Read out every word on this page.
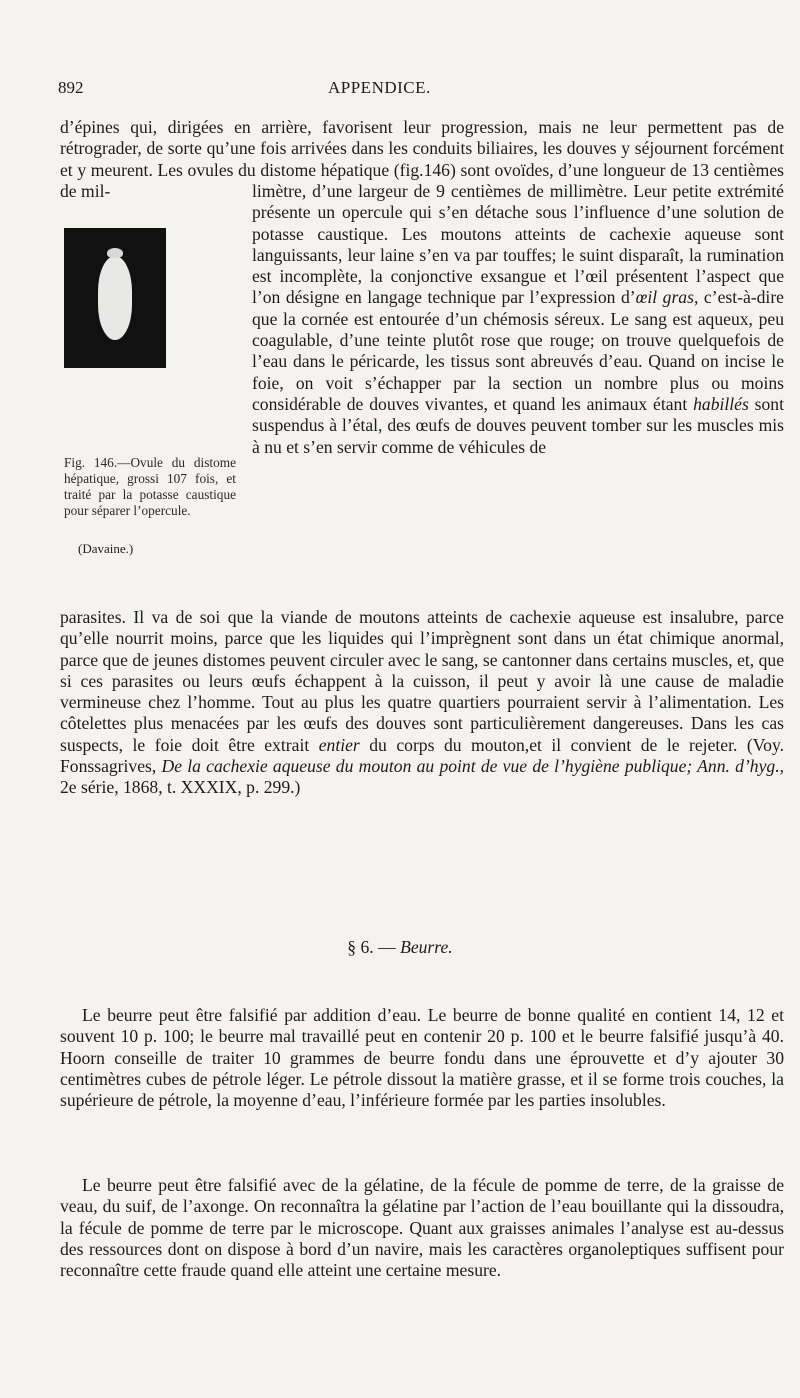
892	APPENDICE.

d’épines qui, dirigées en arrière, favorisent leur progression, mais ne leur permettent pas de rétrograder, de sorte qu’une fois arrivées dans les conduits biliaires, les douves y séjournent forcément et y meurent. Les ovules du distome hépatique (fig.146) sont ovoïdes, d’une longueur de 13 centièmes de mil-	limètre, d’une largeur de 9 centièmes de millimètre. Leur petite extrémité présente un opercule qui s’en détache sous l’influence d’une solution de potasse caustique. Les moutons atteints de cachexie aqueuse sont languissants, leur laine s’en va par touffes; le suint disparaît, la rumination est incomplète, la conjonctive exsangue et l’œil présentent l’aspect que l’on désigne en langage technique par l’expression d’œil gras, c’est-à-dire que la cornée est entourée d’un chémosis séreux. Le sang est aqueux, peu coagulable, d’une teinte plutôt rose que rouge; on trouve quelquefois de l’eau dans le péricarde, les tissus sont abreuvés d’eau. Quand on incise le foie, on voit s’échapper par la section un nombre plus ou moins considérable de douves vivantes, et quand les animaux étant habillés sont suspendus à l’étal, des œufs de douves peuvent tomber sur les muscles mis à nu et s’en servir comme de véhicules de

Fig. 146.—Ovule du distome hépatique, grossi 107 fois, et traité par la potasse caustique pour séparer l’opercule.

(Davaine.)

parasites. Il va de soi que la viande de moutons atteints de cachexie aqueuse est insalubre, parce qu’elle nourrit moins, parce que les liquides qui l’imprègnent sont dans un état chimique anormal, parce que de jeunes distomes peuvent circuler avec le sang, se cantonner dans certains muscles, et, que si ces parasites ou leurs œufs échappent à la cuisson, il peut y avoir là une cause de maladie vermineuse chez l’homme. Tout au plus les quatre quartiers pourraient servir à l’alimentation. Les côtelettes plus menacées par les œufs des douves sont particulièrement dangereuses. Dans les cas suspects, le foie doit être extrait entier du corps du mouton,et il convient de le rejeter. (Voy. Fonssagrives, De la cachexie aqueuse du mouton au point de vue de l’hygiène publique; Ann. d’hyg., 2e série, 1868, t. XXXIX, p. 299.)

§ 6. — Beurre.

Le beurre peut être falsifié par addition d’eau. Le beurre de bonne qualité en contient 14, 12 et souvent 10 p. 100; le beurre mal travaillé peut en contenir 20 p. 100 et le beurre falsifié jusqu’à 40. Hoorn conseille de traiter 10 grammes de beurre fondu dans une éprouvette et d’y ajouter 30 centimètres cubes de pétrole léger. Le pétrole dissout la matière grasse, et il se forme trois couches, la supérieure de pétrole, la moyenne d’eau, l’inférieure formée par les parties insolubles.

Le beurre peut être falsifié avec de la gélatine, de la fécule de pomme de terre, de la graisse de veau, du suif, de l’axonge. On reconnaîtra la gélatine par l’action de l’eau bouillante qui la dissoudra, la fécule de pomme de terre par le microscope. Quant aux graisses animales l’analyse est au-dessus des ressources dont on dispose à bord d’un navire, mais les caractères organoleptiques suffisent pour reconnaître cette fraude quand elle atteint une certaine mesure.
